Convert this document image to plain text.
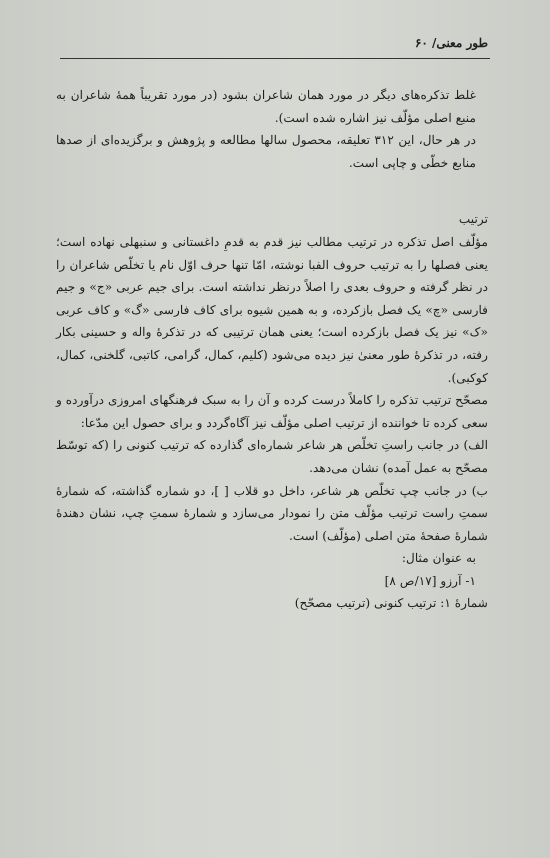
طور معنی/ ۶۰

غلط تذکره‌های دیگر در مورد همان شاعران بشود (در مورد تقریباً همهٔ شاعران به منبع اصلی مؤلّف نیز اشاره شده است).

در هر حال، این ۳۱۲ تعلیقه، محصول سالها مطالعه و پژوهش و برگزیده‌ای از صدها منابع خطّی و چاپی است.

ترتیب

مؤلّف اصل تذکره در ترتیب مطالب نیز قدم به قدمِ داغستانی و سنبهلی نهاده است؛ یعنی فصلها را به ترتیب حروف الفبا نوشته، امّا تنها حرف اوّل نام یا تخلّص شاعران را در نظر گرفته و حروف بعدی را اصلاً درنظر نداشته است. برای جیم عربی «ج» و جیم فارسی «چ» یک فصل بازکرده، و به همین شیوه برای کاف فارسی «گ» و کاف عربی «ک» نیز یک فصل بازکرده است؛ یعنی همان ترتیبی که در تذکرهٔ واله و حسینی بکار رفته، در تذکرهٔ طور معنیٰ نیز دیده می‌شود (کلیم، کمال، گرامی، کاتبی، گلخنی، کمال، کوکبی).

مصحّح ترتیب تذکره را کاملاً درست کرده و آن را به سبک فرهنگهای امروزی درآورده و سعی کرده تا خواننده از ترتیب اصلی مؤلّف نیز آگاه‌گردد و برای حصول این مدّعا:

الف) در جانب راستِ تخلّص هر شاعر شماره‌ای گذارده که ترتیب کنونی را (که توسّط مصحّح به عمل آمده) نشان می‌دهد.

ب) در جانب چپ تخلّص هر شاعر، داخل دو قلاب [ ]، دو شماره گذاشته، که شمارهٔ سمتِ راست ترتیب مؤلّف متن را نمودار می‌سازد و شمارهٔ سمتِ چپ، نشان دهندهٔ شمارهٔ صفحهٔ متن اصلی (مؤلّف) است.

به عنوان مثال:

۱- آرزو [۱۷/ص ۸]

شمارهٔ ۱: ترتیب کنونی (ترتیب مصحّح)
